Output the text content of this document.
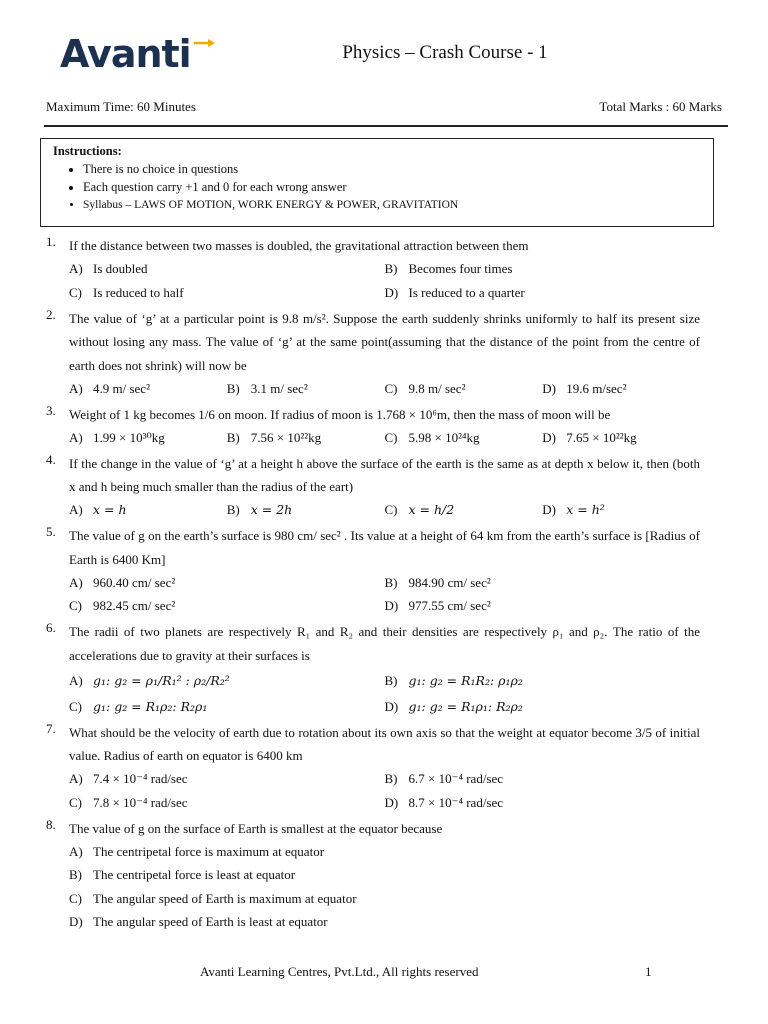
Avanti	Physics – Crash Course - 1
Maximum Time: 60 Minutes	Total Marks : 60 Marks
Instructions:
• There is no choice in questions
• Each question carry +1 and 0 for each wrong answer
• Syllabus – LAWS OF MOTION, WORK ENERGY & POWER, GRAVITATION
1.	If the distance between two masses is doubled, the gravitational attraction between them
A) Is doubled	B) Becomes four times
C) Is reduced to half	D) Is reduced to a quarter
2.	The value of ‘g’ at a particular point is 9.8 m/s². Suppose the earth suddenly shrinks uniformly to half its present size without losing any mass. The value of ‘g’ at the same point(assuming that the distance of the point from the centre of earth does not shrink) will now be
A) 4.9 m/ sec²	B) 3.1 m/ sec²	C) 9.8 m/ sec²	D) 19.6 m/sec²
3.	Weight of 1 kg becomes 1/6 on moon. If radius of moon is 1.768 × 10⁶m, then the mass of moon will be
A) 1.99 × 10³⁰kg	B) 7.56 × 10²²kg	C) 5.98 × 10²⁴kg	D) 7.65 × 10²²kg
4.	If the change in the value of ‘g’ at a height h above the surface of the earth is the same as at depth x below it, then (both x and h being much smaller than the radius of the eart)
A) x = h	B) x = 2h	C) x = h/2	D) x = h²
5.	The value of g on the earth’s surface is 980 cm/ sec² . Its value at a height of 64 km from the earth’s surface is [Radius of Earth is 6400 Km]
A) 960.40 cm/ sec²	B) 984.90 cm/ sec²
C) 982.45 cm/ sec²	D) 977.55 cm/ sec²
6.	The radii of two planets are respectively R₁ and R₂ and their densities are respectively ρ₁ and ρ₂. The ratio of the accelerations due to gravity at their surfaces is
A) g₁: g₂ = ρ₁/R₁² : ρ₂/R₂²	B) g₁: g₂ = R₁R₂: ρ₁ρ₂
C) g₁: g₂ = R₁ρ₂: R₂ρ₁	D) g₁: g₂ = R₁ρ₁: R₂ρ₂
7.	What should be the velocity of earth due to rotation about its own axis so that the weight at equator become 3/5 of initial value. Radius of earth on equator is 6400 km
A) 7.4 × 10⁻⁴ rad/sec	B) 6.7 × 10⁻⁴ rad/sec
C) 7.8 × 10⁻⁴ rad/sec	D) 8.7 × 10⁻⁴ rad/sec
8.	The value of g on the surface of Earth is smallest at the equator because
A) The centripetal force is maximum at equator
B) The centripetal force is least at equator
C) The angular speed of Earth is maximum at equator
D) The angular speed of Earth is least at equator
Avanti Learning Centres, Pvt.Ltd., All rights reserved	1
